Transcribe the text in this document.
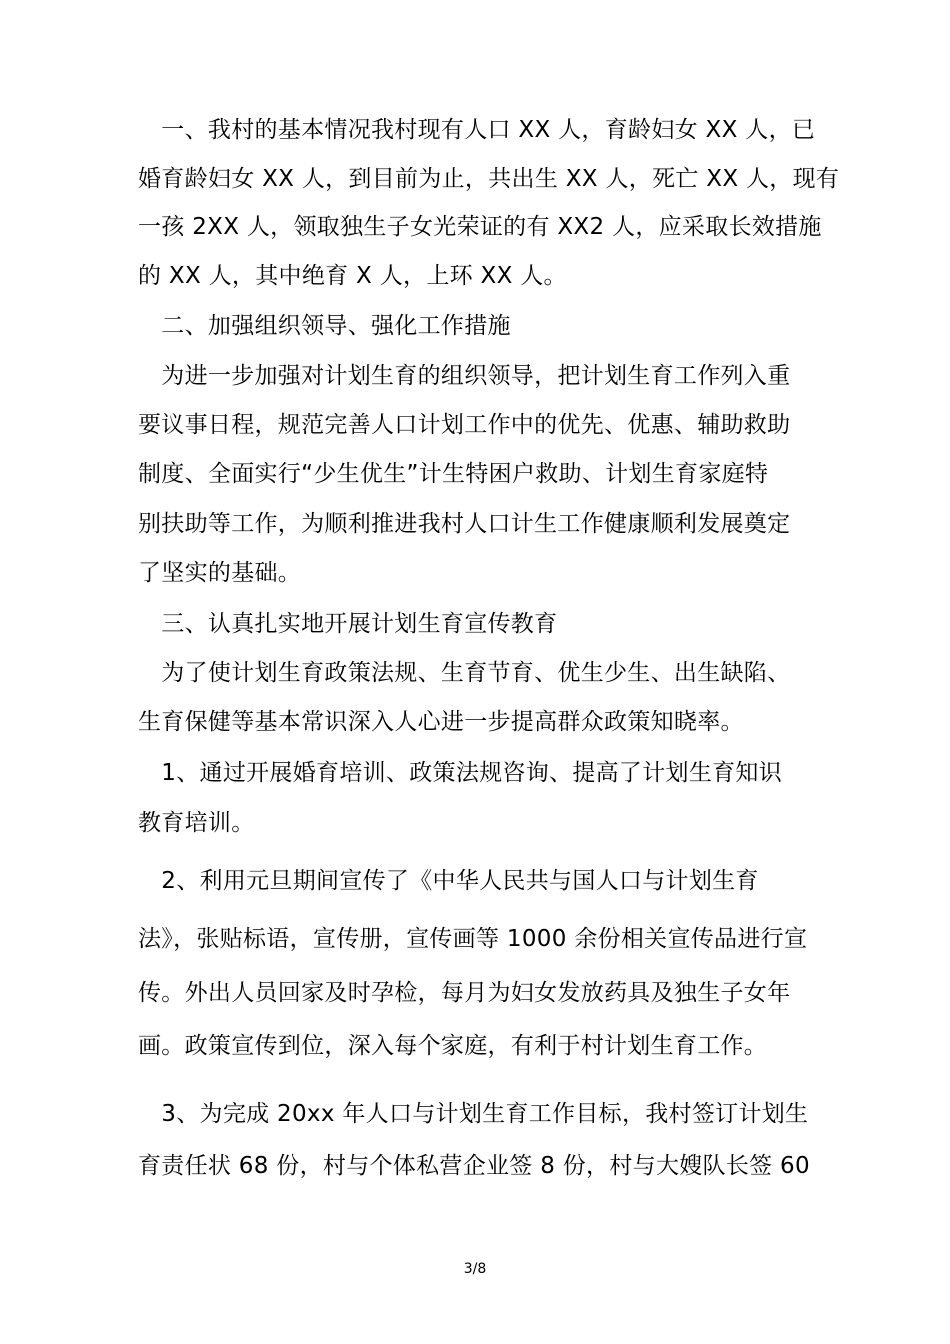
　一、我村的基本情况我村现有人口 XX 人，育龄妇女 XX 人，已
婚育龄妇女 XX 人，到目前为止，共出生 XX 人，死亡 XX 人，现有
一孩 2XX 人，领取独生子女光荣证的有 XX2 人，应采取长效措施
的 XX 人，其中绝育 X 人，上环 XX 人。
　二、加强组织领导、强化工作措施
　为进一步加强对计划生育的组织领导，把计划生育工作列入重
要议事日程，规范完善人口计划工作中的优先、优惠、辅助救助
制度、全面实行“少生优生”计生特困户救助、计划生育家庭特
别扶助等工作，为顺利推进我村人口计生工作健康顺利发展奠定
了坚实的基础。
　三、认真扎实地开展计划生育宣传教育
　为了使计划生育政策法规、生育节育、优生少生、出生缺陷、
生育保健等基本常识深入人心进一步提高群众政策知晓率。
　1、通过开展婚育培训、政策法规咨询、提高了计划生育知识
教育培训。
　2、利用元旦期间宣传了《中华人民共与国人口与计划生育
法》，张贴标语，宣传册，宣传画等 1000 余份相关宣传品进行宣
传。外出人员回家及时孕检，每月为妇女发放药具及独生子女年
画。政策宣传到位，深入每个家庭，有利于村计划生育工作。
　3、为完成 20xx 年人口与计划生育工作目标，我村签订计划生
育责任状 68 份，村与个体私营企业签 8 份，村与大嫂队长签 60
3/8
